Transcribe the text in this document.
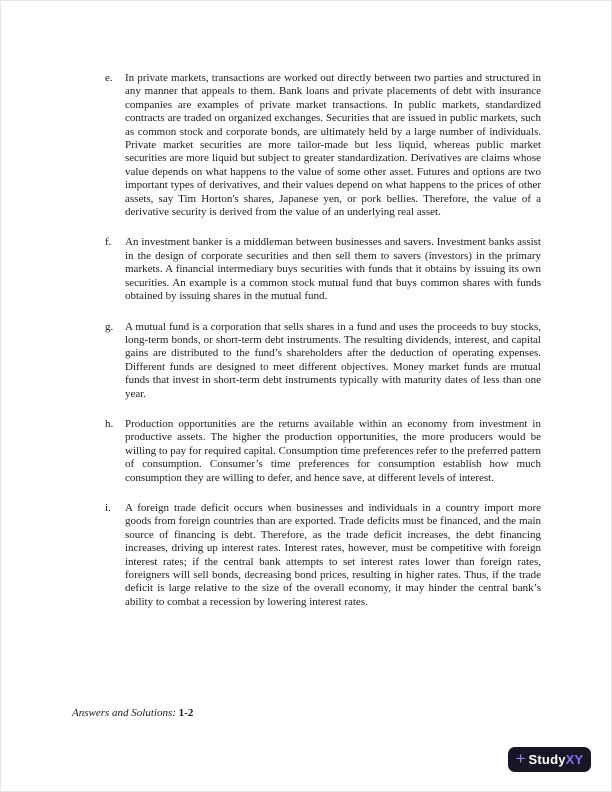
e.	In private markets, transactions are worked out directly between two parties and structured in any manner that appeals to them. Bank loans and private placements of debt with insurance companies are examples of private market transactions. In public markets, standardized contracts are traded on organized exchanges. Securities that are issued in public markets, such as common stock and corporate bonds, are ultimately held by a large number of individuals. Private market securities are more tailor-made but less liquid, whereas public market securities are more liquid but subject to greater standardization. Derivatives are claims whose value depends on what happens to the value of some other asset. Futures and options are two important types of derivatives, and their values depend on what happens to the prices of other assets, say Tim Horton's shares, Japanese yen, or pork bellies. Therefore, the value of a derivative security is derived from the value of an underlying real asset.
f.	An investment banker is a middleman between businesses and savers. Investment banks assist in the design of corporate securities and then sell them to savers (investors) in the primary markets. A financial intermediary buys securities with funds that it obtains by issuing its own securities. An example is a common stock mutual fund that buys common shares with funds obtained by issuing shares in the mutual fund.
g.	A mutual fund is a corporation that sells shares in a fund and uses the proceeds to buy stocks, long-term bonds, or short-term debt instruments. The resulting dividends, interest, and capital gains are distributed to the fund’s shareholders after the deduction of operating expenses. Different funds are designed to meet different objectives. Money market funds are mutual funds that invest in short-term debt instruments typically with maturity dates of less than one year.
h.	Production opportunities are the returns available within an economy from investment in productive assets. The higher the production opportunities, the more producers would be willing to pay for required capital. Consumption time preferences refer to the preferred pattern of consumption. Consumer’s time preferences for consumption establish how much consumption they are willing to defer, and hence save, at different levels of interest.
i.	A foreign trade deficit occurs when businesses and individuals in a country import more goods from foreign countries than are exported. Trade deficits must be financed, and the main source of financing is debt. Therefore, as the trade deficit increases, the debt financing increases, driving up interest rates. Interest rates, however, must be competitive with foreign interest rates; if the central bank attempts to set interest rates lower than foreign rates, foreigners will sell bonds, decreasing bond prices, resulting in higher rates. Thus, if the trade deficit is large relative to the size of the overall economy, it may hinder the central bank’s ability to combat a recession by lowering interest rates.
Answers and Solutions: 1-2
+ Study XY
